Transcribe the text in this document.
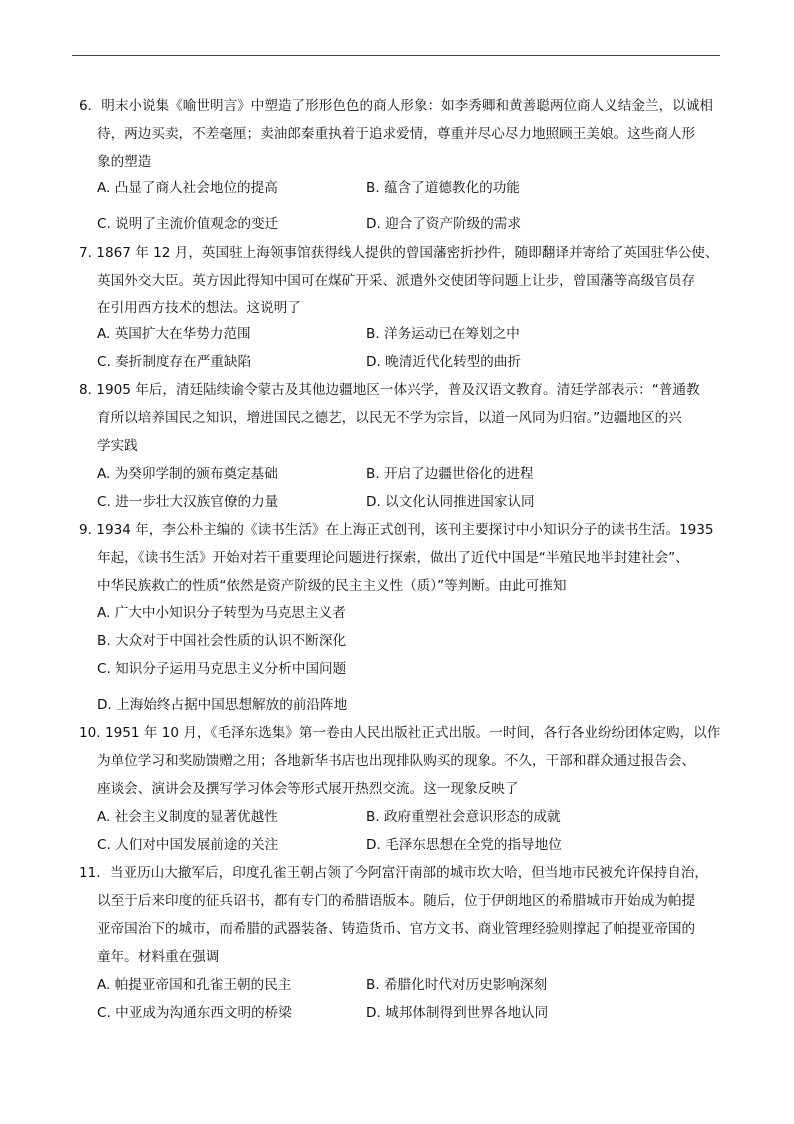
6．明末小说集《喻世明言》中塑造了形形色色的商人形象：如李秀卿和黄善聪两位商人义结金兰，以诚相
待，两边买卖，不差毫厘；卖油郎秦重执着于追求爱情，尊重并尽心尽力地照顾王美娘。这些商人形
象的塑造
A. 凸显了商人社会地位的提高	B. 蕴含了道德教化的功能
C. 说明了主流价值观念的变迁	D. 迎合了资产阶级的需求
7. 1867 年 12 月，英国驻上海领事馆获得线人提供的曾国藩密折抄件，随即翻译并寄给了英国驻华公使、
英国外交大臣。英方因此得知中国可在煤矿开采、派遣外交使团等问题上让步，曾国藩等高级官员存
在引用西方技术的想法。这说明了
A. 英国扩大在华势力范围	B. 洋务运动已在筹划之中
C. 奏折制度存在严重缺陷	D. 晚清近代化转型的曲折
8. 1905 年后，清廷陆续谕令蒙古及其他边疆地区一体兴学，普及汉语文教育。清廷学部表示：“普通教
育所以培养国民之知识，增进国民之德艺，以民无不学为宗旨，以道一风同为归宿。”边疆地区的兴
学实践
A. 为癸卯学制的颁布奠定基础	B. 开启了边疆世俗化的进程
C. 进一步壮大汉族官僚的力量	D. 以文化认同推进国家认同
9. 1934 年，李公朴主编的《读书生活》在上海正式创刊，该刊主要探讨中小知识分子的读书生活。1935
年起，《读书生活》开始对若干重要理论问题进行探索，做出了近代中国是“半殖民地半封建社会”、
中华民族救亡的性质“依然是资产阶级的民主主义性（质）”等判断。由此可推知
A. 广大中小知识分子转型为马克思主义者
B. 大众对于中国社会性质的认识不断深化
C. 知识分子运用马克思主义分析中国问题
D. 上海始终占据中国思想解放的前沿阵地
10. 1951 年 10 月，《毛泽东选集》第一卷由人民出版社正式出版。一时间，各行各业纷纷团体定购，以作
为单位学习和奖励馈赠之用；各地新华书店也出现排队购买的现象。不久，干部和群众通过报告会、
座谈会、演讲会及撰写学习体会等形式展开热烈交流。这一现象反映了
A. 社会主义制度的显著优越性	B. 政府重塑社会意识形态的成就
C. 人们对中国发展前途的关注	D. 毛泽东思想在全党的指导地位
11．当亚历山大撤军后，印度孔雀王朝占领了今阿富汗南部的城市坎大哈，但当地市民被允许保持自治，
以至于后来印度的征兵诏书，都有专门的希腊语版本。随后，位于伊朗地区的希腊城市开始成为帕提
亚帝国治下的城市，而希腊的武器装备、铸造货币、官方文书、商业管理经验则撑起了帕提亚帝国的
童年。材料重在强调
A. 帕提亚帝国和孔雀王朝的民主	B. 希腊化时代对历史影响深刻
C. 中亚成为沟通东西文明的桥梁	D. 城邦体制得到世界各地认同
